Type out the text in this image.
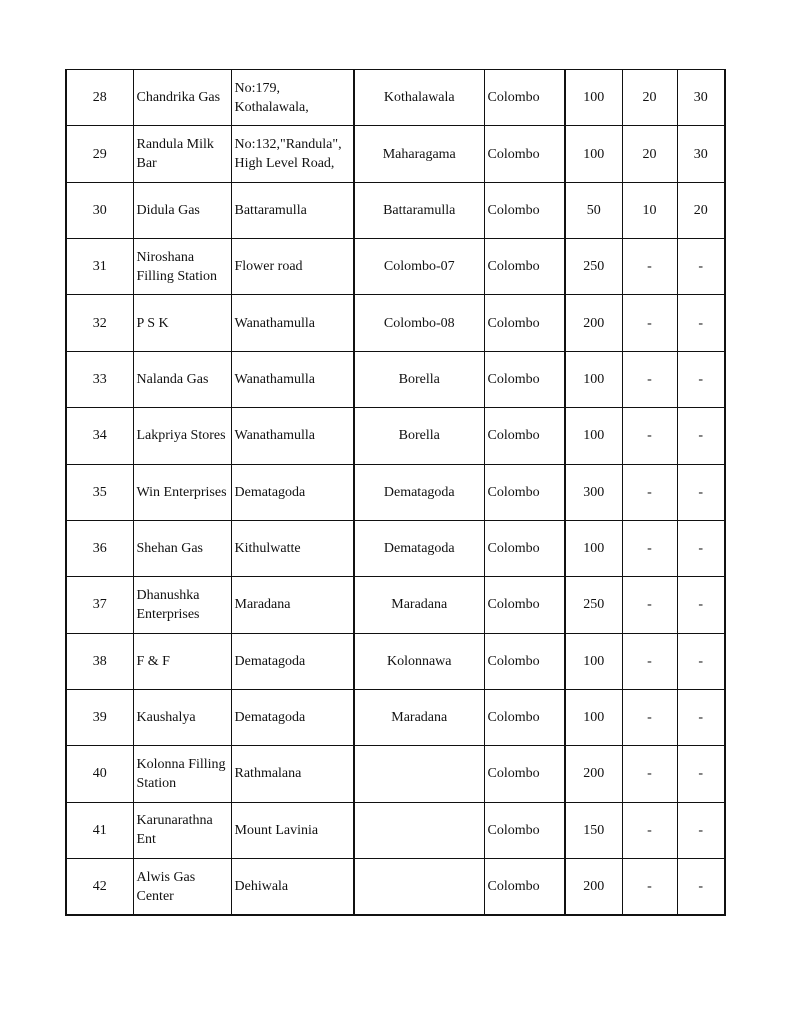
28	Chandrika Gas	No:179, Kothalawala,	Kothalawala	Colombo	100	20	30
29	Randula Milk Bar	No:132,"Randula", High Level Road,	Maharagama	Colombo	100	20	30
30	Didula Gas	Battaramulla	Battaramulla	Colombo	50	10	20
31	Niroshana Filling Station	Flower road	Colombo-07	Colombo	250	-	-
32	P S K	Wanathamulla	Colombo-08	Colombo	200	-	-
33	Nalanda Gas	Wanathamulla	Borella	Colombo	100	-	-
34	Lakpriya Stores	Wanathamulla	Borella	Colombo	100	-	-
35	Win Enterprises	Dematagoda	Dematagoda	Colombo	300	-	-
36	Shehan Gas	Kithulwatte	Dematagoda	Colombo	100	-	-
37	Dhanushka Enterprises	Maradana	Maradana	Colombo	250	-	-
38	F & F	Dematagoda	Kolonnawa	Colombo	100	-	-
39	Kaushalya	Dematagoda	Maradana	Colombo	100	-	-
40	Kolonna Filling Station	Rathmalana		Colombo	200	-	-
41	Karunarathna Ent	Mount Lavinia		Colombo	150	-	-
42	Alwis Gas Center	Dehiwala		Colombo	200	-	-
